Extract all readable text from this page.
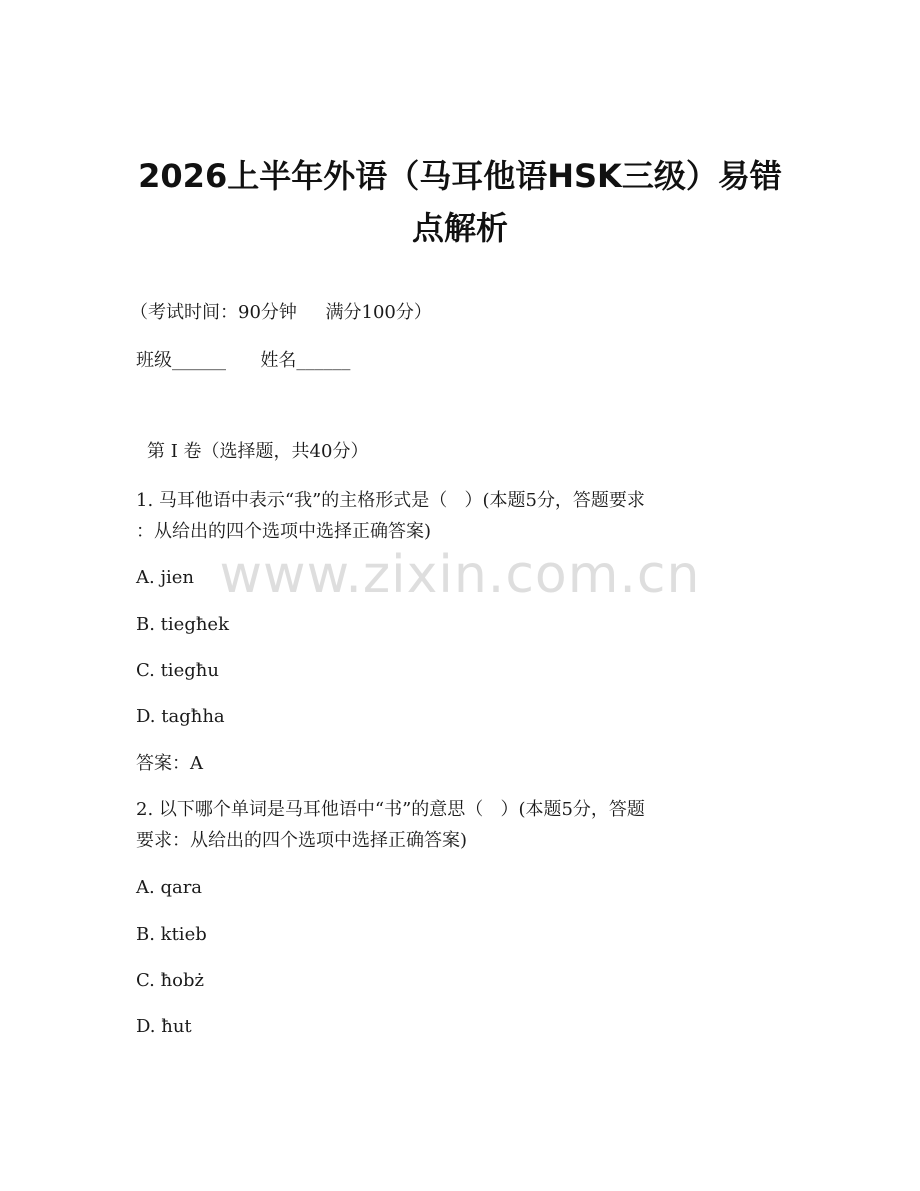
2026上半年外语（马耳他语HSK三级）易错
点解析
（考试时间：90分钟     满分100分）
班级______      姓名______
第 I 卷（选择题，共40分）
1. 马耳他语中表示“我”的主格形式是（   ）(本题5分，答题要求
：从给出的四个选项中选择正确答案)
www.zixin.com.cn
A. jien
B. tiegħek
C. tiegħu
D. tagħha
答案：A
2. 以下哪个单词是马耳他语中“书”的意思（   ）(本题5分，答题
要求：从给出的四个选项中选择正确答案)
A. qara
B. ktieb
C. ħobż
D. ħut
